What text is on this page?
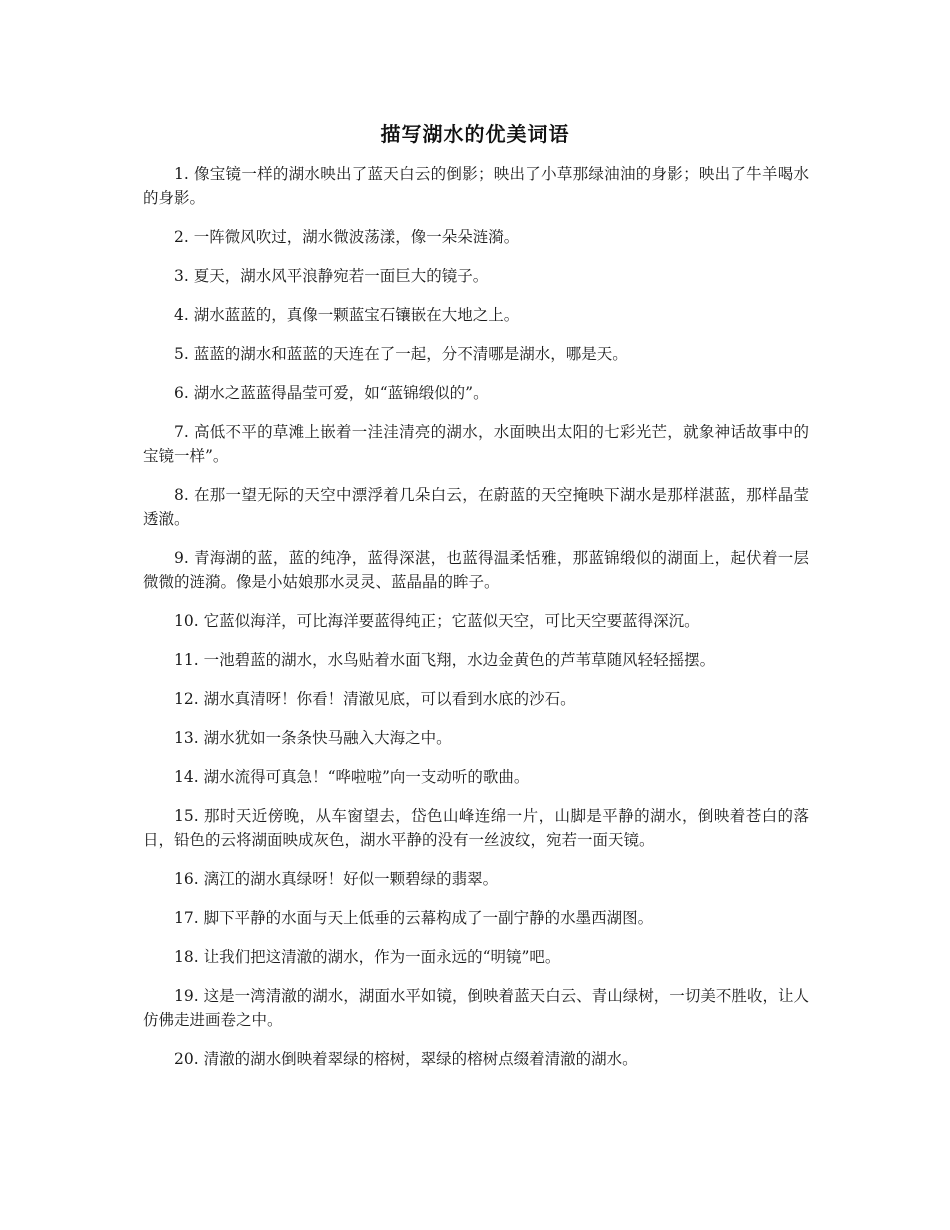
描写湖水的优美词语
1. 像宝镜一样的湖水映出了蓝天白云的倒影；映出了小草那绿油油的身影；映出了牛羊喝水的身影。
2. 一阵微风吹过，湖水微波荡漾，像一朵朵涟漪。
3. 夏天，湖水风平浪静宛若一面巨大的镜子。
4. 湖水蓝蓝的，真像一颗蓝宝石镶嵌在大地之上。
5. 蓝蓝的湖水和蓝蓝的天连在了一起，分不清哪是湖水，哪是天。
6. 湖水之蓝蓝得晶莹可爱，如“蓝锦缎似的”。
7. 高低不平的草滩上嵌着一洼洼清亮的湖水，水面映出太阳的七彩光芒，就象神话故事中的宝镜一样”。
8. 在那一望无际的天空中漂浮着几朵白云，在蔚蓝的天空掩映下湖水是那样湛蓝，那样晶莹透澈。
9. 青海湖的蓝，蓝的纯净，蓝得深湛，也蓝得温柔恬雅，那蓝锦缎似的湖面上，起伏着一层微微的涟漪。像是小姑娘那水灵灵、蓝晶晶的眸子。
10. 它蓝似海洋，可比海洋要蓝得纯正；它蓝似天空，可比天空要蓝得深沉。
11. 一池碧蓝的湖水，水鸟贴着水面飞翔，水边金黄色的芦苇草随风轻轻摇摆。
12. 湖水真清呀！你看！清澈见底，可以看到水底的沙石。
13. 湖水犹如一条条快马融入大海之中。
14. 湖水流得可真急！“哗啦啦”向一支动听的歌曲。
15. 那时天近傍晚，从车窗望去，岱色山峰连绵一片，山脚是平静的湖水，倒映着苍白的落日，铅色的云将湖面映成灰色，湖水平静的没有一丝波纹，宛若一面天镜。
16. 漓江的湖水真绿呀！好似一颗碧绿的翡翠。
17. 脚下平静的水面与天上低垂的云幕构成了一副宁静的水墨西湖图。
18. 让我们把这清澈的湖水，作为一面永远的“明镜”吧。
19. 这是一湾清澈的湖水，湖面水平如镜，倒映着蓝天白云、青山绿树，一切美不胜收，让人仿佛走进画卷之中。
20. 清澈的湖水倒映着翠绿的榕树，翠绿的榕树点缀着清澈的湖水。
